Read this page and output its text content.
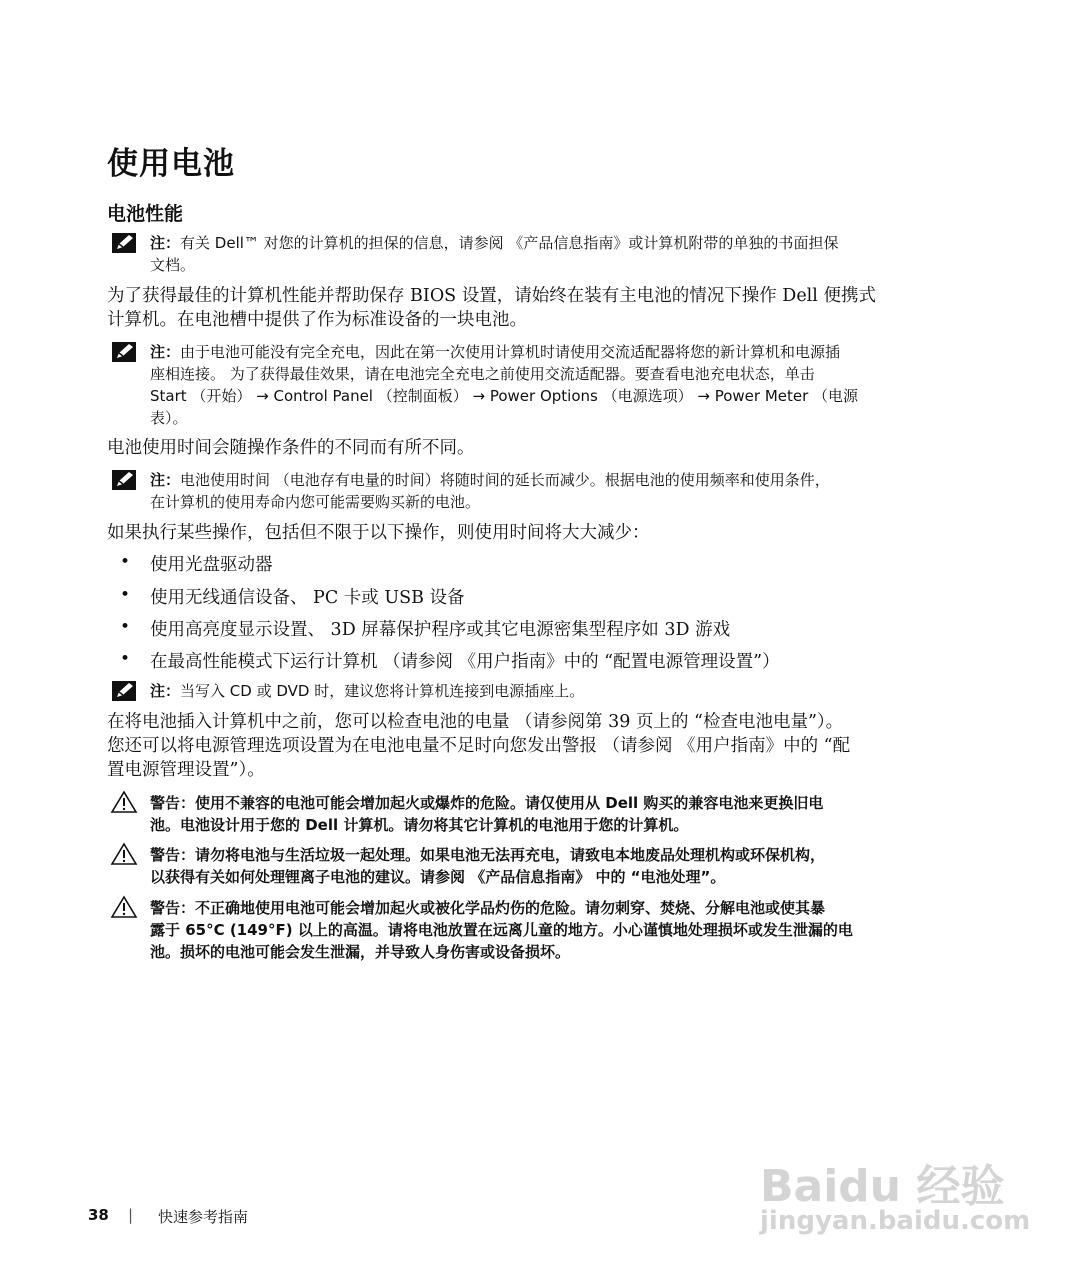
使用电池
电池性能
注：有关 Dell™ 对您的计算机的担保的信息，请参阅 《产品信息指南》或计算机附带的单独的书面担保
文档。
为了获得最佳的计算机性能并帮助保存 BIOS 设置，请始终在装有主电池的情况下操作 Dell 便携式
计算机。在电池槽中提供了作为标准设备的一块电池。
注：由于电池可能没有完全充电，因此在第一次使用计算机时请使用交流适配器将您的新计算机和电源插
座相连接。 为了获得最佳效果，请在电池完全充电之前使用交流适配器。要查看电池充电状态，单击
Start （开始） → Control Panel （控制面板） → Power Options （电源选项） → Power Meter （电源
表）。
电池使用时间会随操作条件的不同而有所不同。
注：电池使用时间 （电池存有电量的时间）将随时间的延长而减少。根据电池的使用频率和使用条件，
在计算机的使用寿命内您可能需要购买新的电池。
如果执行某些操作，包括但不限于以下操作，则使用时间将大大减少：
• 使用光盘驱动器
• 使用无线通信设备、 PC 卡或 USB 设备
• 使用高亮度显示设置、 3D 屏幕保护程序或其它电源密集型程序如 3D 游戏
• 在最高性能模式下运行计算机 （请参阅 《用户指南》中的 “配置电源管理设置”）
注：当写入 CD 或 DVD 时，建议您将计算机连接到电源插座上。
在将电池插入计算机中之前，您可以检查电池的电量 （请参阅第 39 页上的 “检查电池电量”）。
您还可以将电源管理选项设置为在电池电量不足时向您发出警报 （请参阅 《用户指南》中的 “配
置电源管理设置”）。
警告：使用不兼容的电池可能会增加起火或爆炸的危险。请仅使用从 Dell 购买的兼容电池来更换旧电
池。电池设计用于您的 Dell 计算机。请勿将其它计算机的电池用于您的计算机。
警告：请勿将电池与生活垃圾一起处理。如果电池无法再充电，请致电本地废品处理机构或环保机构，
以获得有关如何处理锂离子电池的建议。请参阅 《产品信息指南》 中的 “电池处理”。
警告：不正确地使用电池可能会增加起火或被化学品灼伤的危险。请勿刺穿、焚烧、分解电池或使其暴
露于 65°C (149°F) 以上的高温。请将电池放置在远离儿童的地方。小心谨慎地处理损坏或发生泄漏的电
池。损坏的电池可能会发生泄漏，并导致人身伤害或设备损坏。
38 | 快速参考指南
Baidu 经验
jingyan.baidu.com
